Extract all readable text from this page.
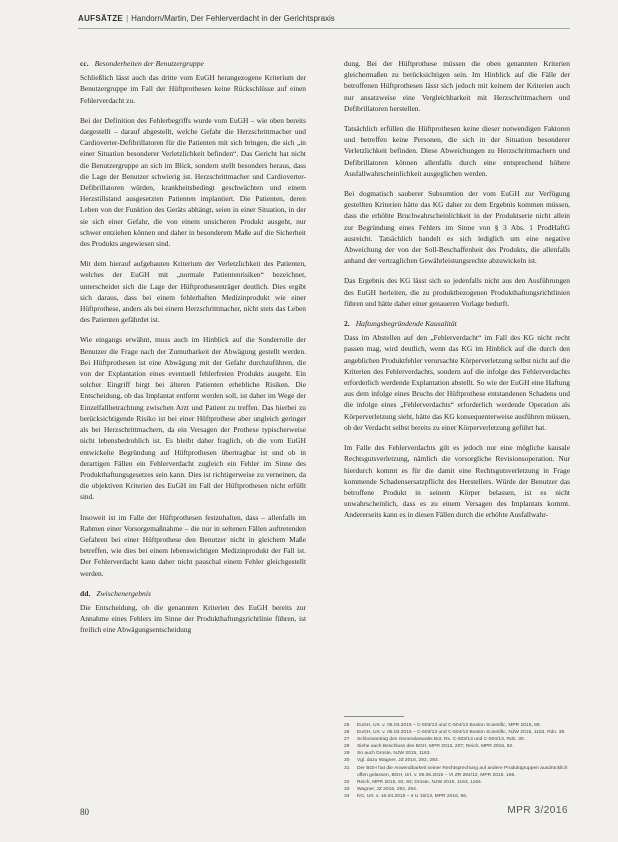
AUFSÄTZE | Handorn/Martin, Der Fehlerverdacht in der Gerichtspraxis
cc. Besonderheiten der Benutzergruppe

Schließlich lässt auch das dritte vom EuGH herangezogene Kriterium der Benutzergruppe im Fall der Hüftprothesen keine Rückschlüsse auf einen Fehlerverdacht zu.

Bei der Definition des Fehlerbegriffs wurde vom EuGH – wie oben bereits dargestellt – darauf abgestellt, welche Gefahr die Herzschrittmacher und Cardioverter-Defibrillatoren für die Patienten mit sich bringen, die sich „in einer Situation besonderer Verletzlichkeit befinden“. Das Gericht hat nicht die Benutzergruppe an sich im Blick, sondern stellt besonders heraus, dass die Lage der Benutzer schwierig ist. Herzschrittmacher und Cardioverter-Defibrillatoren würden, krankheitsbedingt geschwächten und einem Herzstillstand ausgesetzten Patienten implantiert. Die Patienten, deren Leben von der Funktion des Geräts abhängt, seien in einer Situation, in der sie sich einer Gefahr, die von einem unsicheren Produkt ausgeht, nur schwer entziehen können und daher in besonderem Maße auf die Sicherheit des Produkts angewiesen sind.

Mit dem hierauf aufgebauten Kriterium der Verletzlichkeit des Patienten, welches der EuGH mit „normale Patientenrisiken“ bezeichnet, unterscheidet sich die Lage der Hüftprothesenträger deutlich. Dies ergibt sich daraus, dass bei einem fehlerhaften Medizinprodukt wie einer Hüftprothese, anders als bei einem Herzschrittmacher, nicht stets das Leben des Patienten gefährdet ist.

Wie eingangs erwähnt, muss auch im Hinblick auf die Sonderrolle der Benutzer die Frage nach der Zumutbarkeit der Abwägung gestellt werden. Bei Hüftprothesen ist eine Abwägung mit der Gefahr durchzuführen, die von der Explantation eines eventuell fehlerfreien Produkts ausgeht. Ein solcher Eingriff birgt bei älteren Patienten erhebliche Risiken. Die Entscheidung, ob das Implantat entfernt werden soll, ist daher im Wege der Einzelfallbetrachtung zwischen Arzt und Patient zu treffen. Das hierbei zu berücksichtigende Risiko ist bei einer Hüftprothese aber ungleich geringer als bei Herzschrittmachern, da ein Versagen der Prothese typischerweise nicht lebensbedrohlich ist. Es bleibt daher fraglich, ob die vom EuGH entwickelte Begründung auf Hüftprothesen übertragbar ist und ob in derartigen Fällen ein Fehlerverdacht zugleich ein Fehler im Sinne des Produkthaftungsgesetzes sein kann. Dies ist richtigerweise zu verneinen, da die objektiven Kriterien des EuGH im Fall der Hüftprothesen nicht erfüllt sind.

Insoweit ist im Falle der Hüftprothesen festzuhalten, dass – allenfalls im Rahmen einer Vorsorgemaßnahme – die nur in seltenen Fällen auftretenden Gefahren bei einer Hüftprothese den Benutzer nicht in gleichem Maße betreffen, wie dies bei einem lebenswichtigen Medizinprodukt der Fall ist. Der Fehlerverdacht kann daher nicht pauschal einem Fehler gleichgestellt werden.

dd. Zwischenergebnis

Die Entscheidung, ob die genannten Kriterien des EuGH bereits zur Annahme eines Fehlers im Sinne der Produkthaftungsrichtlinie führen, ist freilich eine Abwägungsentscheidung

dung. Bei der Hüftprothese müssen die oben genannten Kriterien gleichermaßen zu berücksichtigen sein. Im Hinblick auf die Fälle der betroffenen Hüftprothesen lässt sich jedoch mit keinem der Kriterien auch nur ansatzweise eine Vergleichbarkeit mit Herzschrittmachern und Defibrillatoren herstellen.

Tatsächlich erfüllen die Hüftprothesen keine dieser notwendigen Faktoren und betreffen keine Personen, die sich in der Situation besonderer Verletzlichkeit befinden. Diese Abweichungen zu Herzschrittmachern und Defibrillatoren können allenfalls durch eine entsprechend höhere Ausfallwahrscheinlichkeit ausgeglichen werden.

Bei dogmatisch sauberer Subsumtion der vom EuGH zur Verfügung gestellten Kriterien hätte das KG daher zu dem Ergebnis kommen müssen, dass die erhöhte Bruchwahrscheinlichkeit in der Produktserie nicht allein zur Begründung eines Fehlers im Sinne von § 3 Abs. 1 ProdHaftG ausreicht. Tatsächlich handelt es sich lediglich um eine negative Abweichung der von der Soll-Beschaffenheit des Produkts, die allenfalls anhand der vertraglichen Gewährleistungsrechte abzuwickeln ist.

Das Ergebnis des KG lässt sich so jedenfalls nicht aus den Ausführungen des EuGH herleiten, die zu produktbezogenen Produkthaftungsrichtlinien führen und hätte daher einer genaueren Vorlage bedurft.

2. Haftungsbegründende Kausalität

Dass im Abstellen auf den „Fehlerverdacht“ im Fall des KG nicht recht passen mag, wird deutlich, wenn das KG im Hinblick auf die durch den angeblichen Produktfehler verursachte Körperverletzung selbst nicht auf die Kriterien des Fehlerverdachts, sondern auf die infolge des Fehlerverdachts erforderlich werdende Explantation abstellt. So wie der EuGH eine Haftung aus dem infolge eines Bruchs der Hüftprothese entstandenen Schadens und die infolge eines „Fehlerverdachts“ erforderlich werdende Operation als Körperverletzung sieht, hätte das KG konsequenterweise ausführen müssen, ob der Verdacht selbst bereits zu einer Körperverletzung geführt hat.

Im Falle des Fehlerverdachts gilt es jedoch nur eine mögliche kausale Rechtsgutsverletzung, nämlich die vorsorgliche Revisionsoperation. Nur hierdurch kommt es für die damit eine Rechtsgutsverletzung in Frage kommende Schadensersatzpflicht des Herstellers. Würde der Benutzer das betroffene Produkt in seinem Körper belassen, ist es nicht unwahrscheinlich, dass es zu einem Versagen des Implantats kommt. Andererseits kann es in diesen Fällen durch die erhöhte Ausfallwahr-

25	EuGH, Urt. v. 05.03.2015 – C-503/13 und C-504/13 Boston Scientific, MPR 2015, 88.
26	EuGH, Urt. v. 05.03.2015 – C-503/13 und C-504/13 Boston Scientific, NJW 2015, 1163, Rdn. 39.
27	Schlussantrag des Generalanwalts Bot, Rs. C-503/13 und C-504/13, Rdn. 30.
28	Siehe auch Beschluss des BGH, MPR 2013, 207; Reich, MPR 2015, 92.
29	So auch Droste, NJW 2015, 1163.
30	Vgl. dazu Wagner, JZ 2016, 292, 293.
31	Der BGH hat die Anwendbarkeit seiner Rechtsprechung auf andere Produktgruppen ausdrücklich offen gelassen, BGH, Urt. v. 09.06.2015 – VI ZR 284/12, MPR 2015, 165.
32	Reich, MPR 2015, 92, 93; Droste, NJW 2015, 1163, 1164.
33	Wagner, JZ 2016, 292, 294.
34	KG, Urt. v. 16.04.2015 – 4 U 19/13, MPR 2016, 56.
80	MPR 3/2016
